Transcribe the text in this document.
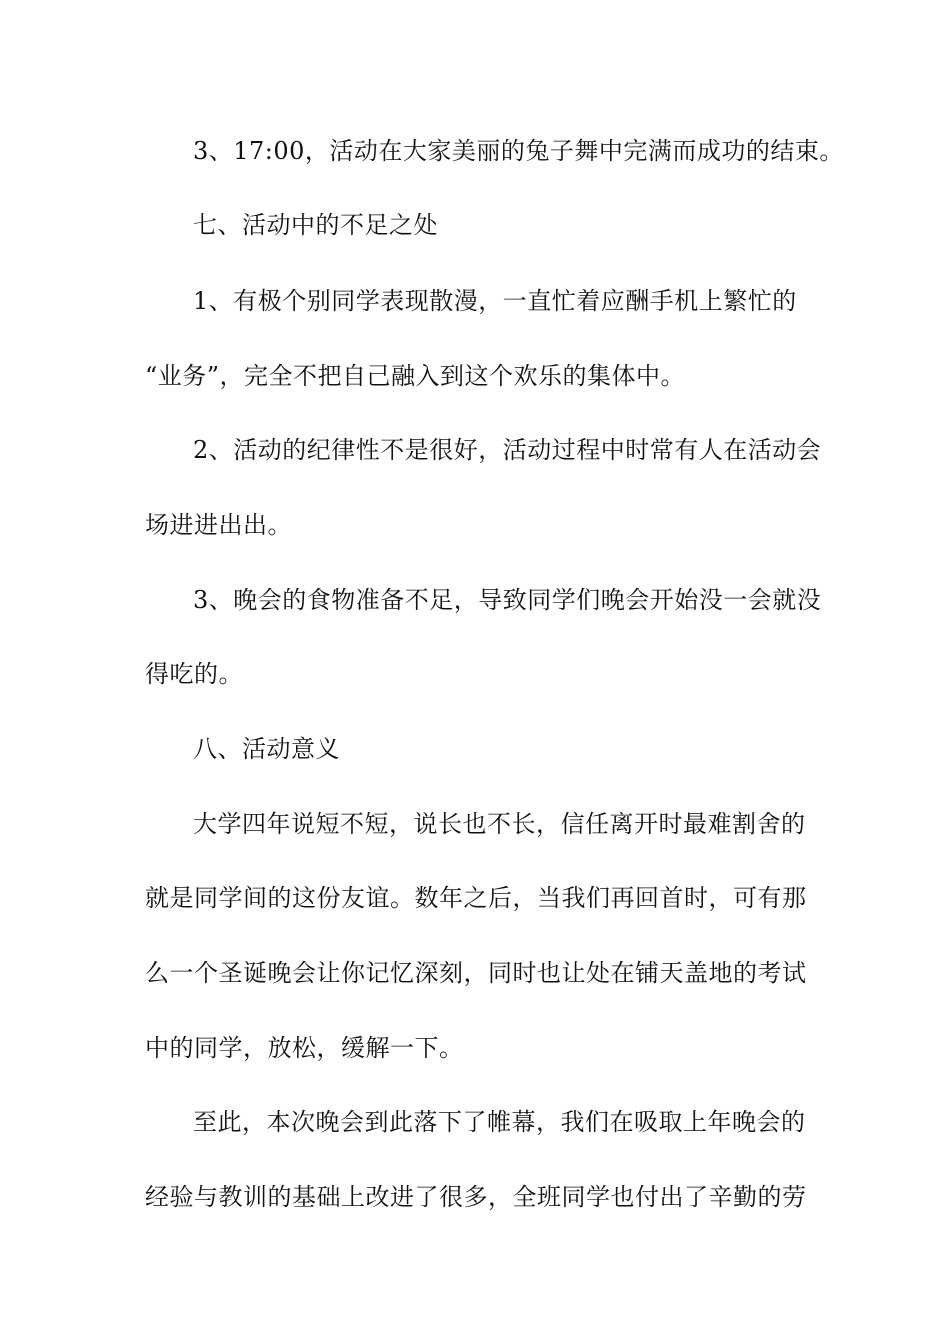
3、17:00，活动在大家美丽的兔子舞中完满而成功的结束。
七、活动中的不足之处
1、有极个别同学表现散漫，一直忙着应酬手机上繁忙的
“业务”，完全不把自己融入到这个欢乐的集体中。
2、活动的纪律性不是很好，活动过程中时常有人在活动会
场进进出出。
3、晚会的食物准备不足，导致同学们晚会开始没一会就没
得吃的。
八、活动意义
大学四年说短不短，说长也不长，信任离开时最难割舍的
就是同学间的这份友谊。数年之后，当我们再回首时，可有那
么一个圣诞晚会让你记忆深刻，同时也让处在铺天盖地的考试
中的同学，放松，缓解一下。
至此，本次晚会到此落下了帷幕，我们在吸取上年晚会的
经验与教训的基础上改进了很多，全班同学也付出了辛勤的劳
